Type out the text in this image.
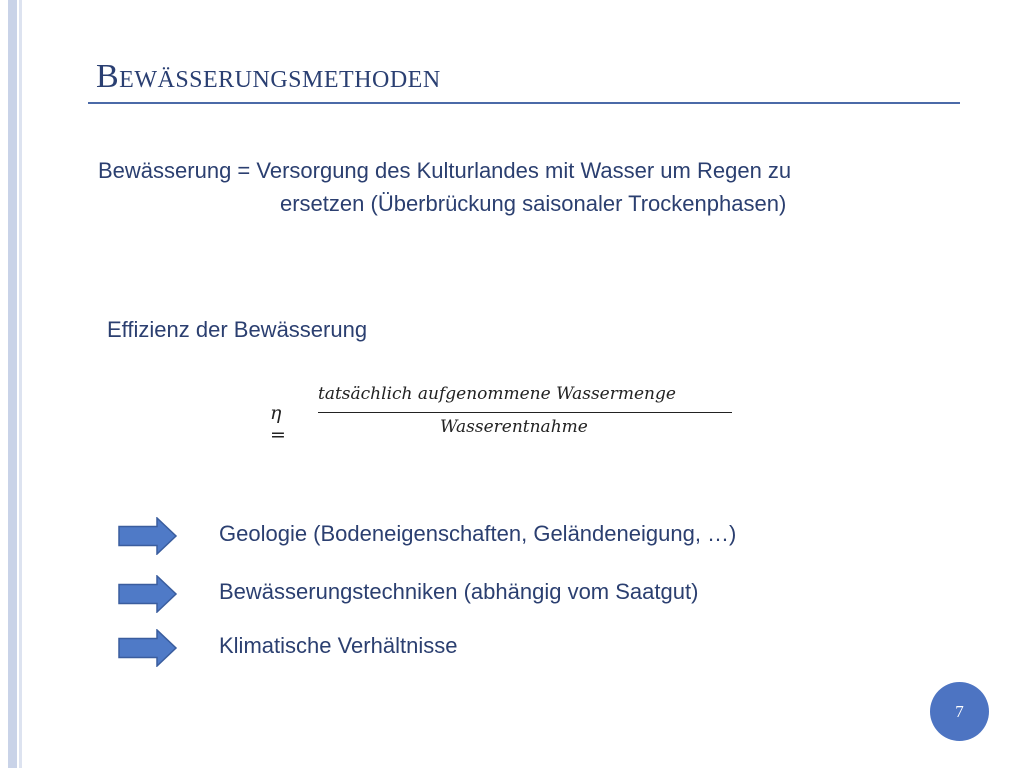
Bewässerungsmethoden
Bewässerung = Versorgung des Kulturlandes mit Wasser um Regen zu
ersetzen (Überbrückung saisonaler Trockenphasen)
Effizienz der Bewässerung
η =
tatsächlich aufgenommene Wassermenge
Wasserentnahme
Geologie (Bodeneigenschaften, Geländeneigung, …)
Bewässerungstechniken (abhängig vom Saatgut)
Klimatische Verhältnisse
7
